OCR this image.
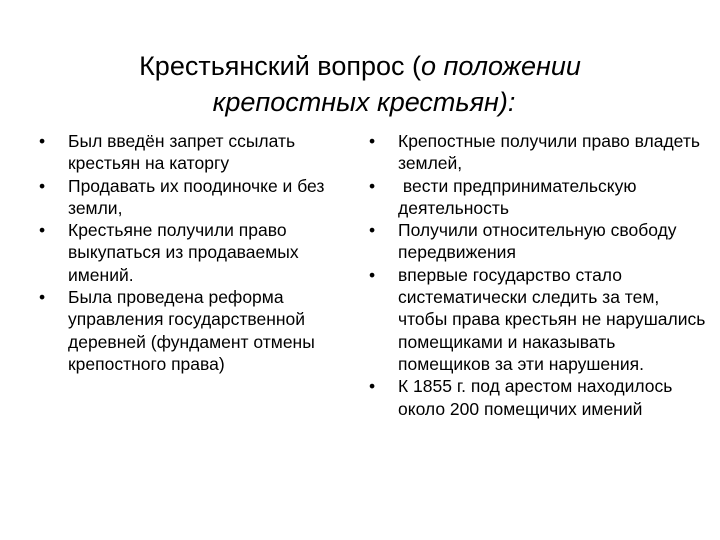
Крестьянский вопрос (о положении
крепостных крестьян):
•	Был введён запрет ссылать крестьян на каторгу
•	Продавать их поодиночке и без земли,
•	Крестьяне получили право выкупаться из продаваемых имений.
•	Была проведена реформа управления государственной деревней (фундамент отмены крепостного права)
•	Крепостные получили право владеть землей,
•	вести предпринимательскую деятельность
•	Получили относительную свободу передвижения
•	впервые государство стало систематически следить за тем, чтобы права крестьян не нарушались помещиками и наказывать помещиков за эти нарушения.
•	К 1855 г. под арестом находилось около 200 помещичих имений
